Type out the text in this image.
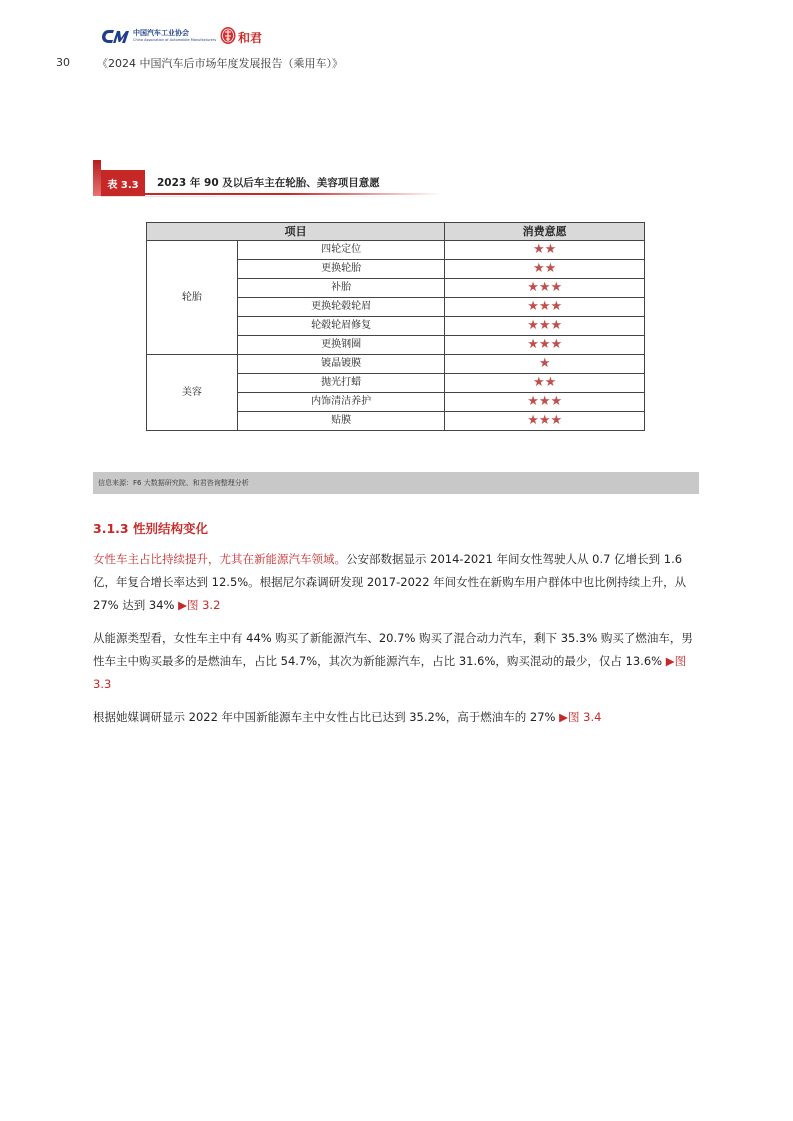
中国汽车工业协会
China Association of Automobile Manufacturers 和君
30 《2024 中国汽车后市场年度发展报告（乘用车）》
表 3.3	2023 年 90 及以后车主在轮胎、美容项目意愿
项目		消费意愿
轮胎	四轮定位	★★
	更换轮胎	★★
	补胎	★★★
	更换轮毂轮眉	★★★
	轮毂轮眉修复	★★★
	更换钢圈	★★★
美容	镀晶镀膜	★
	抛光打蜡	★★
	内饰清洁养护	★★★
	贴膜	★★★
信息来源：F6 大数据研究院、和君咨询整理分析
3.1.3 性别结构变化
女性车主占比持续提升，尤其在新能源汽车领域。公安部数据显示 2014-2021 年间女性驾驶人从 0.7 亿增长到 1.6 亿，年复合增长率达到 12.5%。根据尼尔森调研发现 2017-2022 年间女性在新购车用户群体中也比例持续上升，从 27% 达到 34% ▶图 3.2
从能源类型看，女性车主中有 44% 购买了新能源汽车、20.7% 购买了混合动力汽车，剩下 35.3% 购买了燃油车，男性车主中购买最多的是燃油车，占比 54.7%，其次为新能源汽车，占比 31.6%，购买混动的最少，仅占 13.6% ▶图 3.3
根据她媒调研显示 2022 年中国新能源车主中女性占比已达到 35.2%，高于燃油车的 27% ▶图 3.4
